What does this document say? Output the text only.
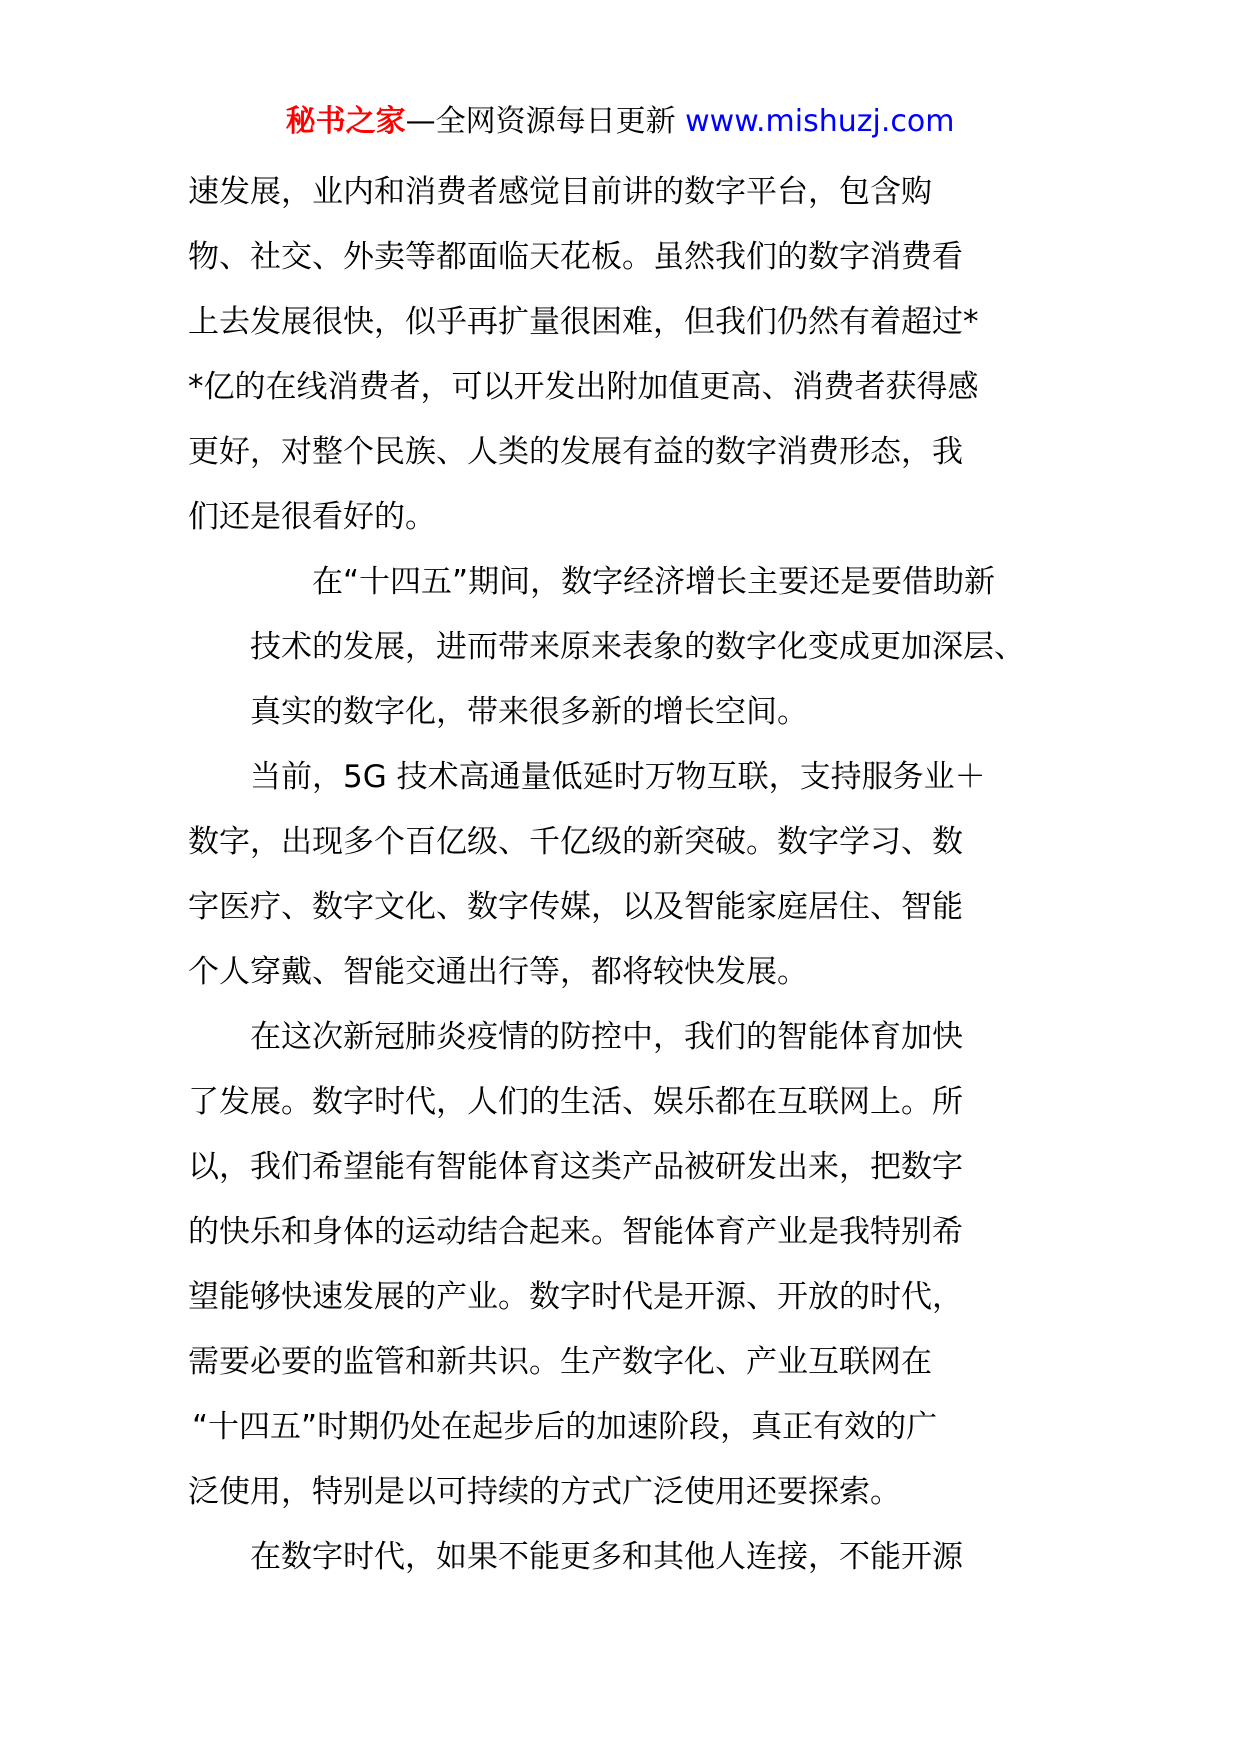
秘书之家—全网资源每日更新 www.mishuzj.com

速发展，业内和消费者感觉目前讲的数字平台，包含购
物、社交、外卖等都面临天花板。虽然我们的数字消费看
上去发展很快，似乎再扩量很困难，但我们仍然有着超过*
*亿的在线消费者，可以开发出附加值更高、消费者获得感
更好，对整个民族、人类的发展有益的数字消费形态，我
们还是很看好的。

在“十四五”期间，数字经济增长主要还是要借助新
技术的发展，进而带来原来表象的数字化变成更加深层、
真实的数字化，带来很多新的增长空间。

当前，5G 技术高通量低延时万物互联，支持服务业＋
数字，出现多个百亿级、千亿级的新突破。数字学习、数
字医疗、数字文化、数字传媒，以及智能家庭居住、智能
个人穿戴、智能交通出行等，都将较快发展。

在这次新冠肺炎疫情的防控中，我们的智能体育加快
了发展。数字时代，人们的生活、娱乐都在互联网上。所
以，我们希望能有智能体育这类产品被研发出来，把数字
的快乐和身体的运动结合起来。智能体育产业是我特别希
望能够快速发展的产业。数字时代是开源、开放的时代，
需要必要的监管和新共识。生产数字化、产业互联网在
“十四五”时期仍处在起步后的加速阶段，真正有效的广
泛使用，特别是以可持续的方式广泛使用还要探索。

在数字时代，如果不能更多和其他人连接，不能开源
